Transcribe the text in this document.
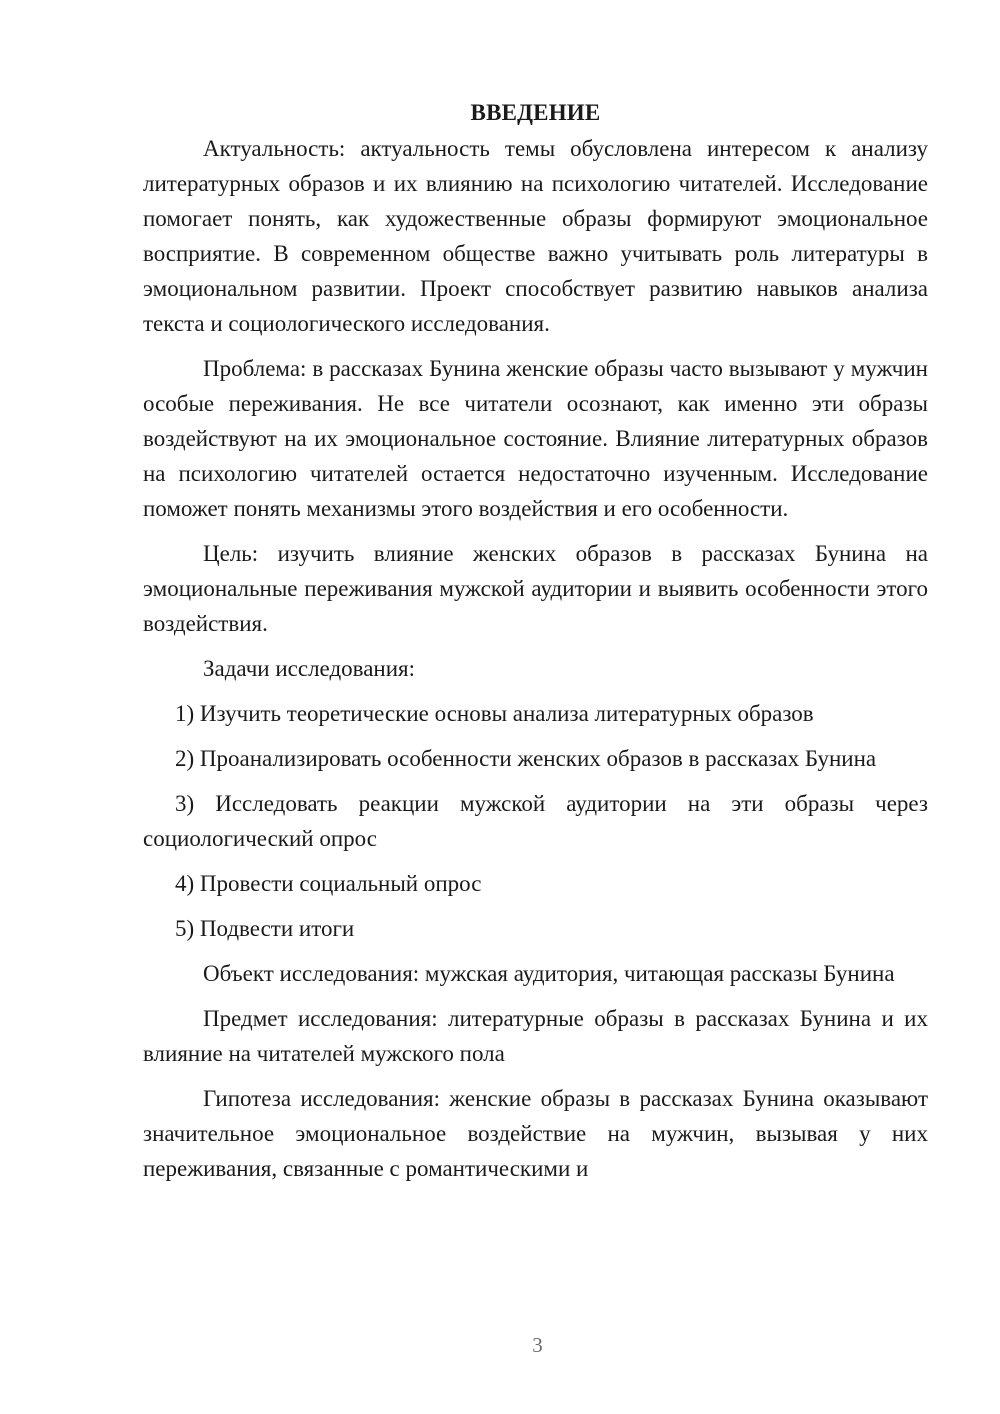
ВВЕДЕНИЕ

Актуальность: актуальность темы обусловлена интересом к анализу литературных образов и их влиянию на психологию читателей. Исследование помогает понять, как художественные образы формируют эмоциональное восприятие. В современном обществе важно учитывать роль литературы в эмоциональном развитии. Проект способствует развитию навыков анализа текста и социологического исследования.

Проблема: в рассказах Бунина женские образы часто вызывают у мужчин особые переживания. Не все читатели осознают, как именно эти образы воздействуют на их эмоциональное состояние. Влияние литературных образов на психологию читателей остается недостаточно изученным. Исследование поможет понять механизмы этого воздействия и его особенности.

Цель: изучить влияние женских образов в рассказах Бунина на эмоциональные переживания мужской аудитории и выявить особенности этого воздействия.

Задачи исследования:

1) Изучить теоретические основы анализа литературных образов

2) Проанализировать особенности женских образов в рассказах Бунина

3) Исследовать реакции мужской аудитории на эти образы через социологический опрос

4) Провести социальный опрос

5) Подвести итоги

Объект исследования: мужская аудитория, читающая рассказы Бунина

Предмет исследования: литературные образы в рассказах Бунина и их влияние на читателей мужского пола

Гипотеза исследования: женские образы в рассказах Бунина оказывают значительное эмоциональное воздействие на мужчин, вызывая у них переживания, связанные с романтическими и

3
